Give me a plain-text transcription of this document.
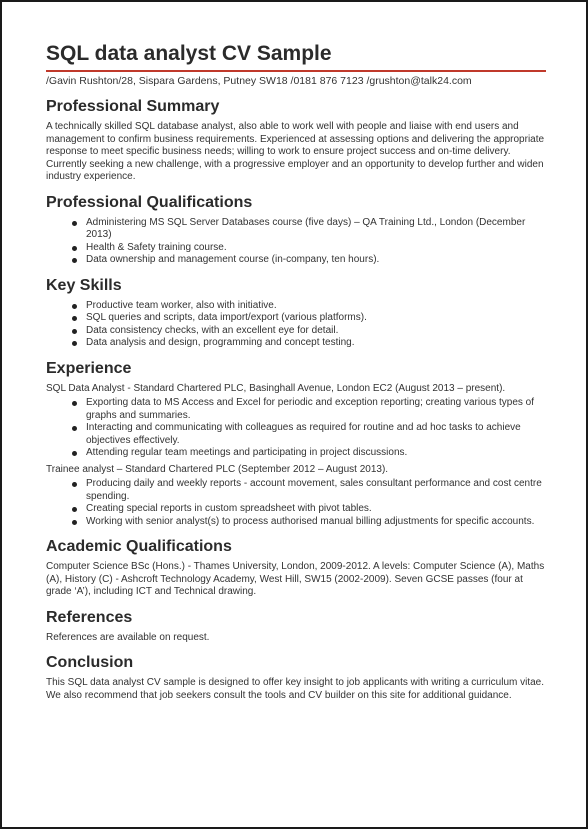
SQL data analyst CV Sample
/Gavin Rushton/28, Sispara Gardens, Putney SW18 /0181 876 7123 /grushton@talk24.com
Professional Summary

A technically skilled SQL database analyst, also able to work well with people and liaise with end users and management to confirm business requirements. Experienced at assessing options and delivering the appropriate response to meet specific business needs; willing to work to ensure project success and on-time delivery. Currently seeking a new challenge, with a progressive employer and an opportunity to develop further and widen industry experience.

Professional Qualifications
Administering MS SQL Server Databases course (five days) – QA Training Ltd., London (December 2013)
Health & Safety training course.
Data ownership and management course (in-company, ten hours).
Key Skills
Productive team worker, also with initiative.
SQL queries and scripts, data import/export (various platforms).
Data consistency checks, with an excellent eye for detail.
Data analysis and design, programming and concept testing.
Experience

SQL Data Analyst - Standard Chartered PLC, Basinghall Avenue, London EC2 (August 2013 – present).

Exporting data to MS Access and Excel for periodic and exception reporting; creating various types of graphs and summaries.
Interacting and communicating with colleagues as required for routine and ad hoc tasks to achieve objectives effectively.
Attending regular team meetings and participating in project discussions.

Trainee analyst – Standard Chartered PLC (September 2012 – August 2013).

Producing daily and weekly reports - account movement, sales consultant performance and cost centre spending.
Creating special reports in custom spreadsheet with pivot tables.
Working with senior analyst(s) to process authorised manual billing adjustments for specific accounts.
Academic Qualifications

Computer Science BSc (Hons.) - Thames University, London, 2009-2012. A levels: Computer Science (A), Maths (A), History (C) - Ashcroft Technology Academy, West Hill, SW15 (2002-2009). Seven GCSE passes (four at grade ‘A’), including ICT and Technical drawing.

References

References are available on request.

Conclusion

This SQL data analyst CV sample is designed to offer key insight to job applicants with writing a curriculum vitae. We also recommend that job seekers consult the tools and CV builder on this site for additional guidance.
